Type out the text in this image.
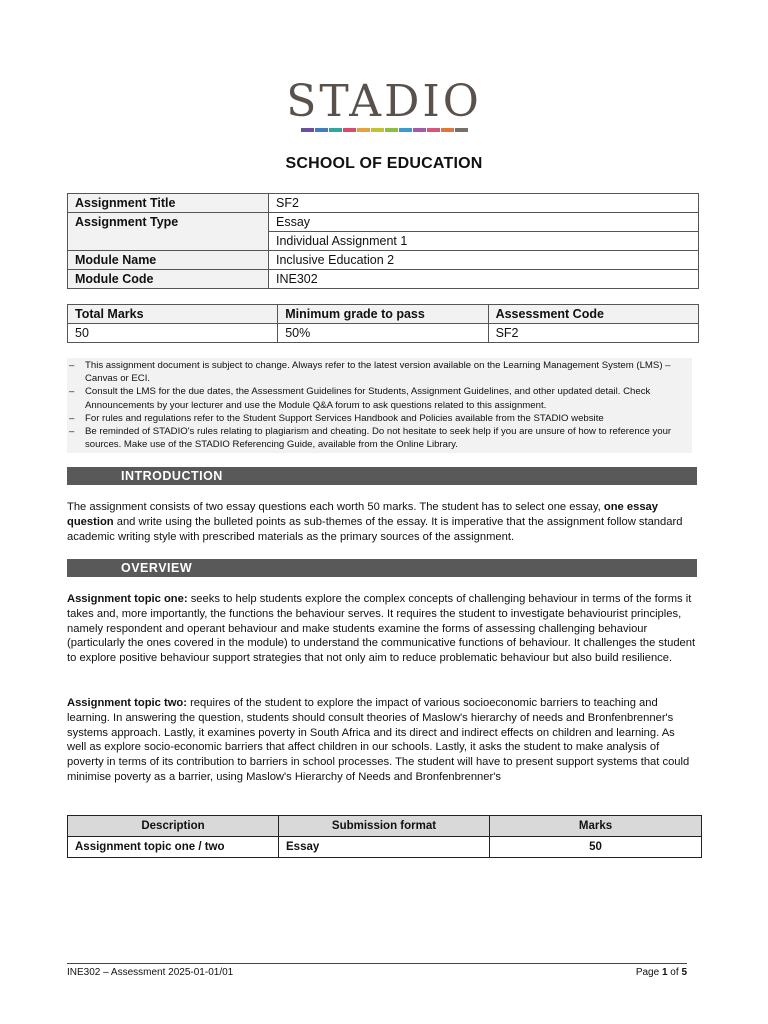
STADIO
SCHOOL OF EDUCATION
Assignment Title	SF2
Assignment Type	Essay
	Individual Assignment 1
Module Name	Inclusive Education 2
Module Code	INE302
Total Marks	Minimum grade to pass	Assessment Code
50	50%	SF2
– This assignment document is subject to change. Always refer to the latest version available on the Learning Management System (LMS) – Canvas or ECI.
– Consult the LMS for the due dates, the Assessment Guidelines for Students, Assignment Guidelines, and other updated detail. Check Announcements by your lecturer and use the Module Q&A forum to ask questions related to this assignment.
– For rules and regulations refer to the Student Support Services Handbook and Policies available from the STADIO website
– Be reminded of STADIO's rules relating to plagiarism and cheating. Do not hesitate to seek help if you are unsure of how to reference your sources. Make use of the STADIO Referencing Guide, available from the Online Library.
INTRODUCTION
The assignment consists of two essay questions each worth 50 marks. The student has to select one essay, one essay question and write using the bulleted points as sub-themes of the essay. It is imperative that the assignment follow standard academic writing style with prescribed materials as the primary sources of the assignment.
OVERVIEW
Assignment topic one: seeks to help students explore the complex concepts of challenging behaviour in terms of the forms it takes and, more importantly, the functions the behaviour serves. It requires the student to investigate behaviourist principles, namely respondent and operant behaviour and make students examine the forms of assessing challenging behaviour (particularly the ones covered in the module) to understand the communicative functions of behaviour. It challenges the student to explore positive behaviour support strategies that not only aim to reduce problematic behaviour but also build resilience.
Assignment topic two: requires of the student to explore the impact of various socioeconomic barriers to teaching and learning. In answering the question, students should consult theories of Maslow's hierarchy of needs and Bronfenbrenner's systems approach. Lastly, it examines poverty in South Africa and its direct and indirect effects on children and learning. As well as explore socio-economic barriers that affect children in our schools. Lastly, it asks the student to make analysis of poverty in terms of its contribution to barriers in school processes. The student will have to present support systems that could minimise poverty as a barrier, using Maslow's Hierarchy of Needs and Bronfenbrenner's
Description	Submission format	Marks
Assignment topic one / two	Essay	50
INE302 – Assessment 2025-01-01/01	Page 1 of 5
